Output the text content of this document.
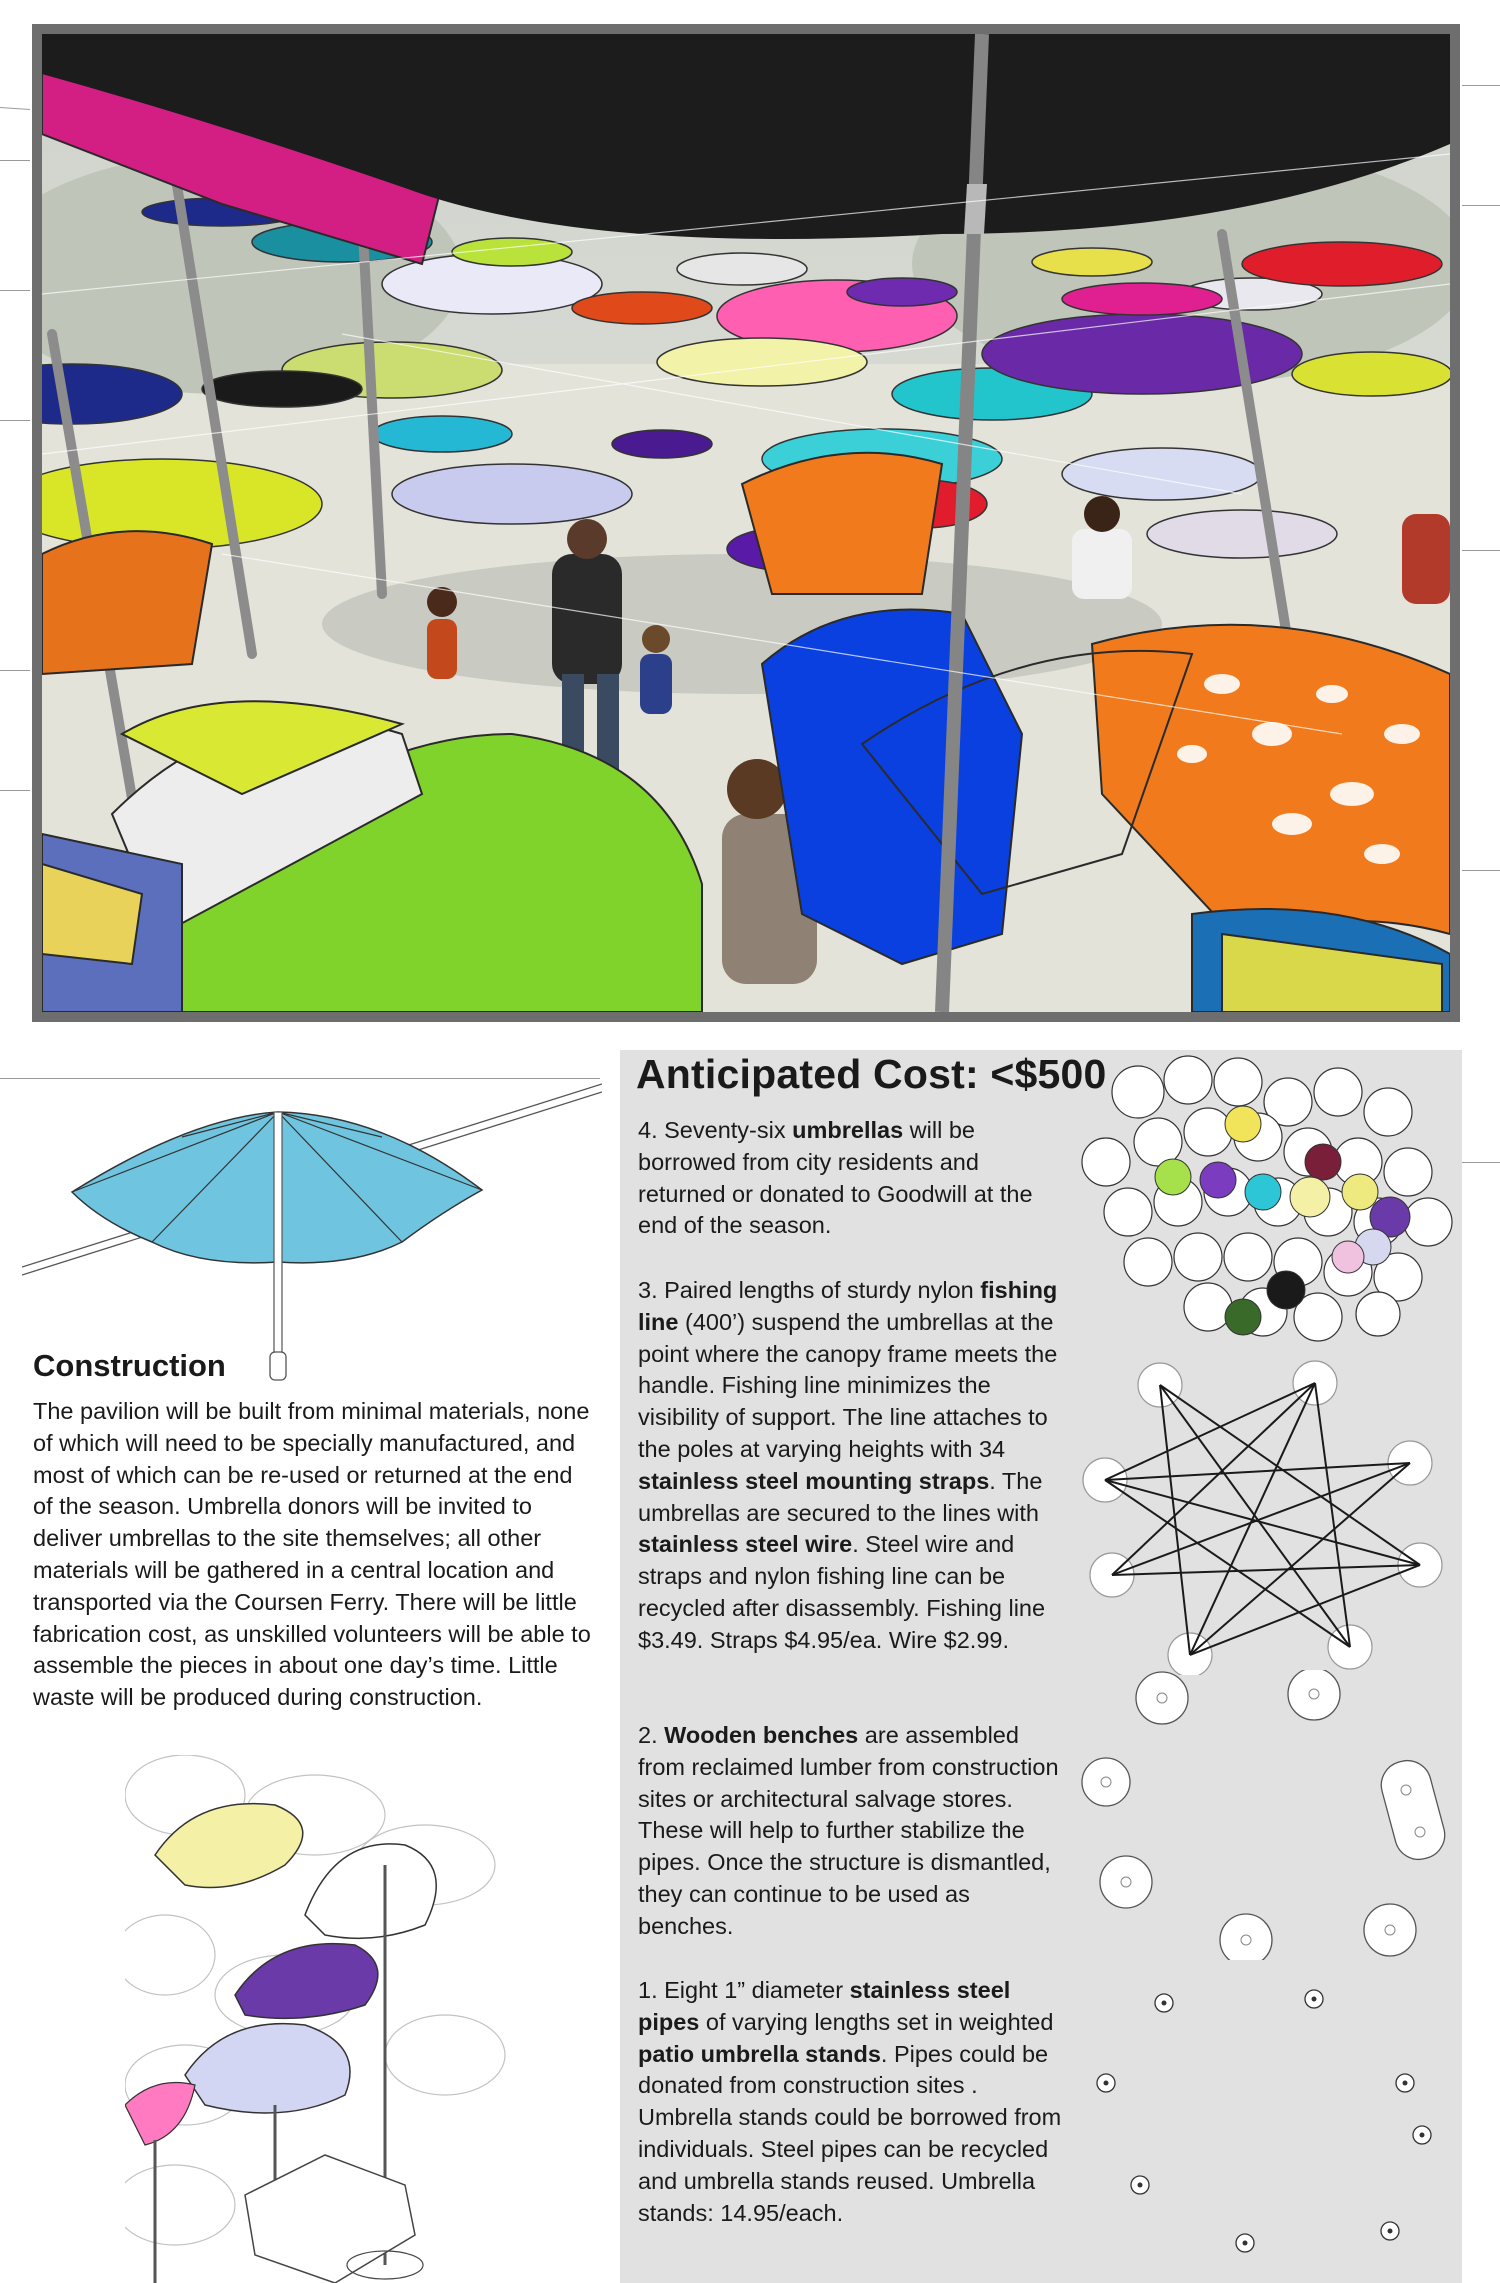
Construction

The pavilion will be built from minimal materials, none of which will need to be specially manufactured, and most of which can be re-used or returned at the end of the season. Umbrella donors will be invited to deliver umbrellas to the site themselves; all other materials will be gathered in a central location and transported via the Coursen Ferry. There will be little fabrication cost, as unskilled volunteers will be able to assemble the pieces in about one day’s time. Little waste will be produced during construction.

Anticipated Cost: <$500

4. Seventy-six umbrellas will be borrowed from city residents and returned or donated to Goodwill at the end of the season.

3. Paired lengths of sturdy nylon fishing line (400’) suspend the umbrellas at the point where the canopy frame meets the handle. Fishing line minimizes the visibility of support. The line attaches to the poles at varying heights with 34 stainless steel mounting straps. The umbrellas are secured to the lines with stainless steel wire. Steel wire and straps and nylon fishing line can be recycled after disassembly. Fishing line $3.49. Straps $4.95/ea. Wire $2.99.

2. Wooden benches are assembled from reclaimed lumber from construction sites or architectural salvage stores. These will help to further stabilize the pipes. Once the structure is dismantled, they can continue to be used as benches.

1. Eight 1” diameter stainless steel pipes of varying lengths set in weighted patio umbrella stands. Pipes could be donated from construction sites . Umbrella stands could be borrowed from individuals. Steel pipes can be recycled and umbrella stands reused. Umbrella stands: 14.95/each.
